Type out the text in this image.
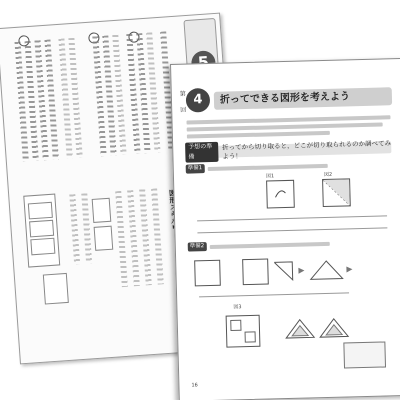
第 4
回
折ってできる図形を考えよう
予想の準備
折ってから切り取ると，どこが切り取られるのか調べてみよう！
準備1
図1	図2
準備2
図3
16
